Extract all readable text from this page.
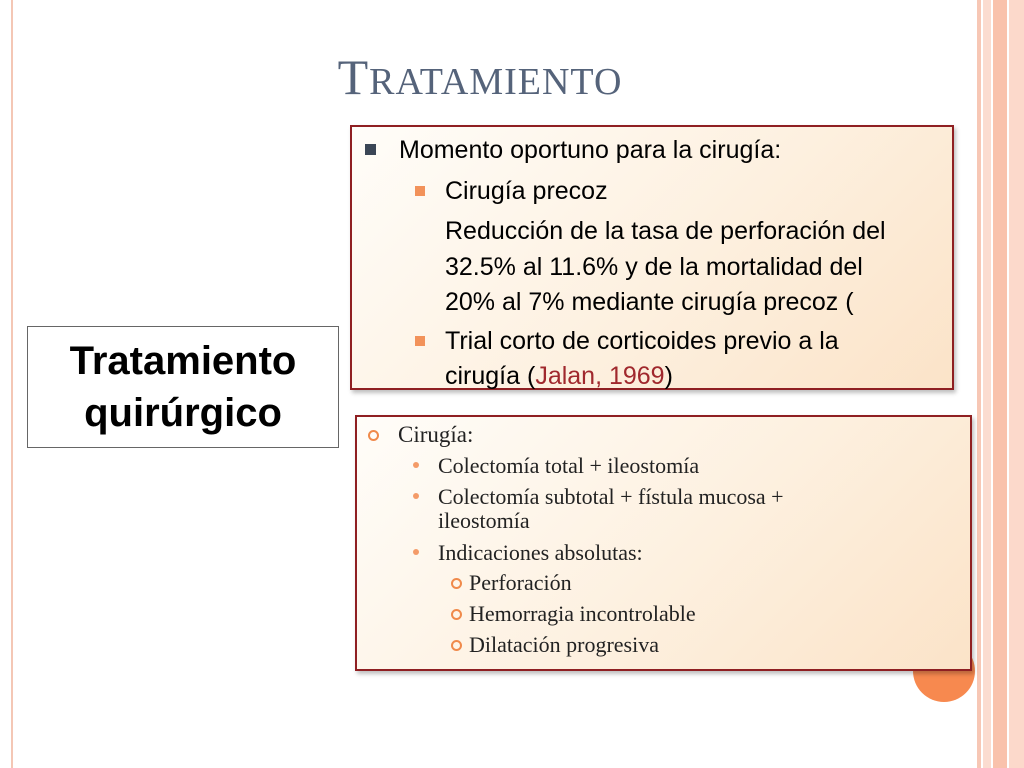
TRATAMIENTO
Momento oportuno para la cirugía:
Cirugía precoz
Reducción de la tasa de perforación del
32.5% al 11.6% y de la mortalidad del
20% al 7% mediante cirugía precoz (
Trial corto de corticoides previo a la
cirugía (Jalan, 1969)
Tratamiento
quirúrgico	Cirugía:
Colectomía total + ileostomía
Colectomía subtotal + fístula mucosa +
ileostomía
Indicaciones absolutas:
Perforación
Hemorragia incontrolable
Dilatación progresiva
